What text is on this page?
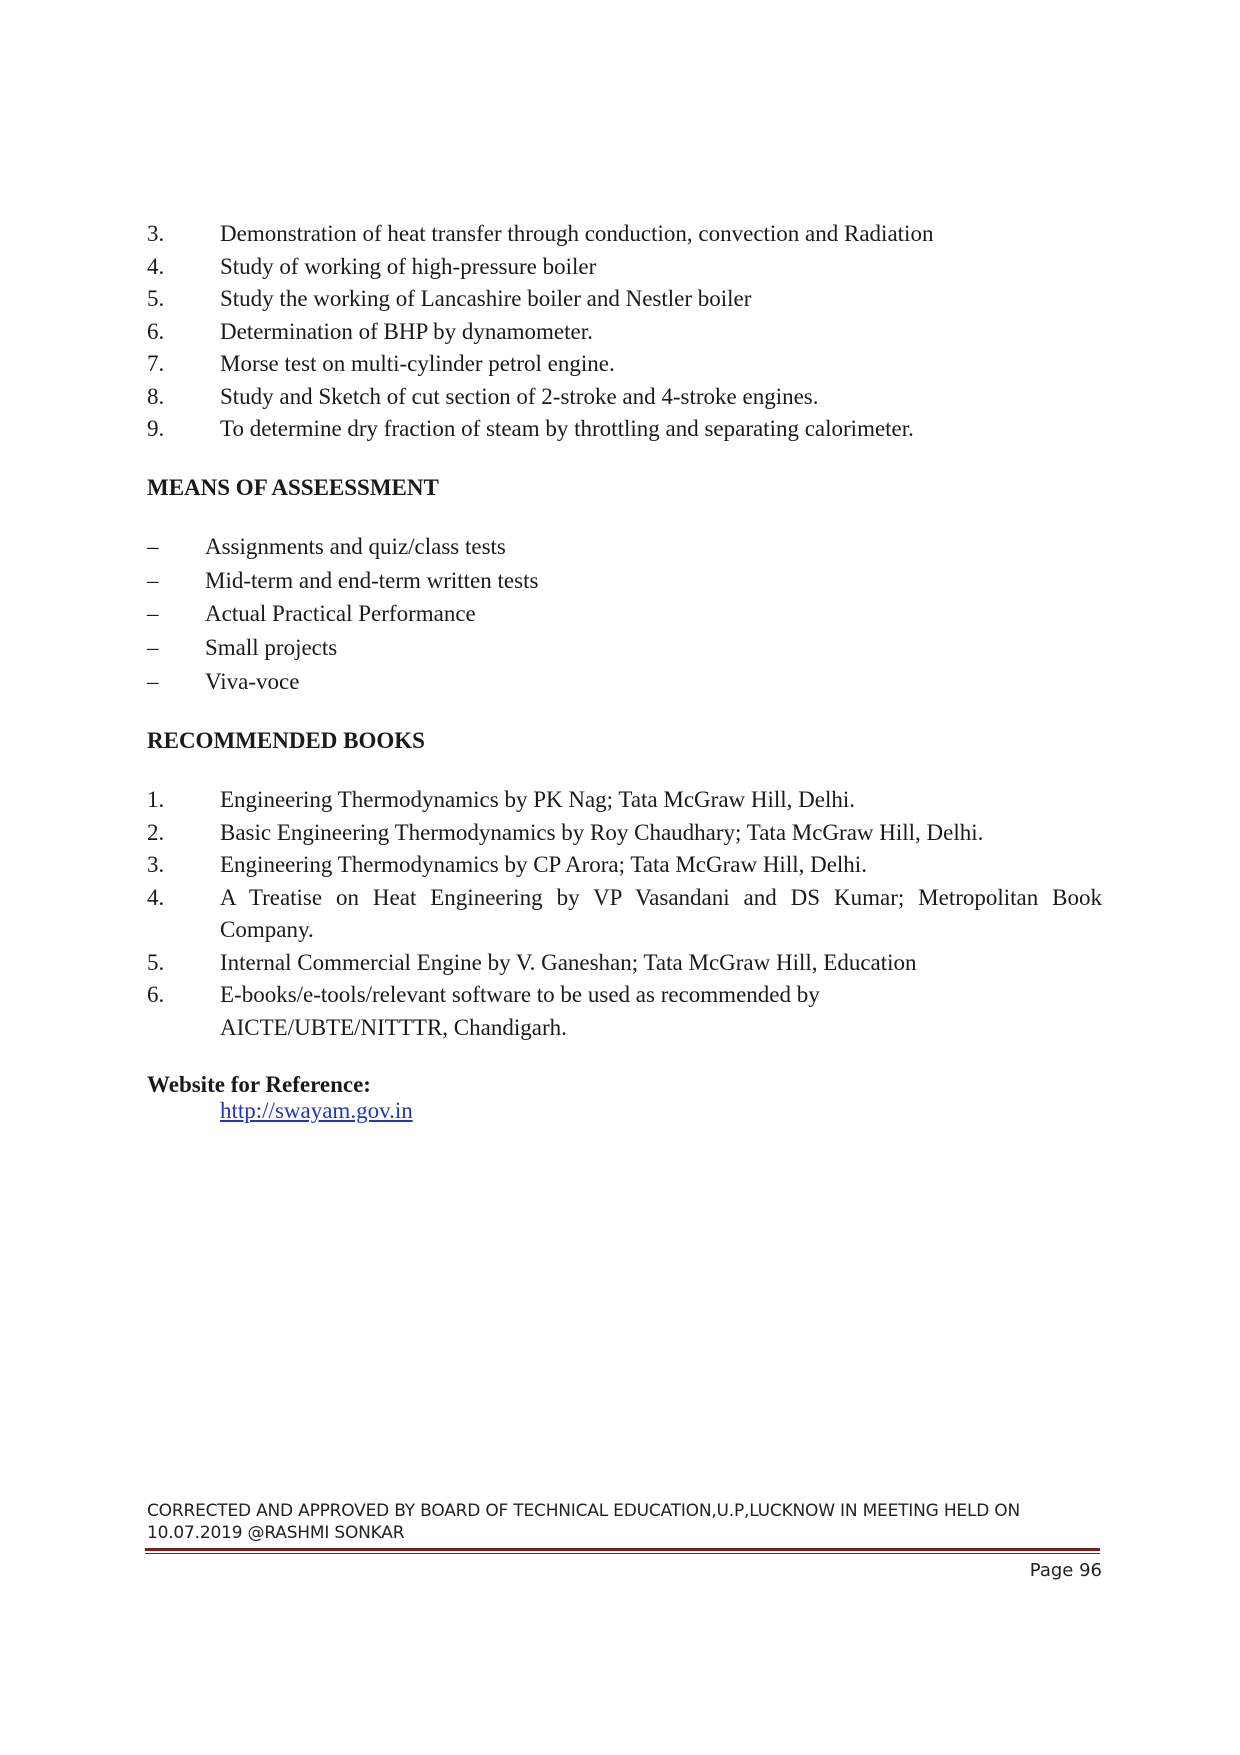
3.	Demonstration of heat transfer through conduction, convection and Radiation
4.	Study of working of high-pressure boiler
5.	Study the working of Lancashire boiler and Nestler boiler
6.	Determination of BHP by dynamometer.
7.	Morse test on multi-cylinder petrol engine.
8.	Study and Sketch of cut section of 2-stroke and 4-stroke engines.
9.	To determine dry fraction of steam by throttling and separating calorimeter.
MEANS OF ASSEESSMENT
–	Assignments and quiz/class tests
–	Mid-term and end-term written tests
–	Actual Practical Performance
–	Small projects
–	Viva-voce
RECOMMENDED BOOKS
1.	Engineering Thermodynamics by PK Nag; Tata McGraw Hill, Delhi.
2.	Basic Engineering Thermodynamics by Roy Chaudhary; Tata McGraw Hill, Delhi.
3.	Engineering Thermodynamics by CP Arora; Tata McGraw Hill, Delhi.
4.	A Treatise on Heat Engineering by VP Vasandani and DS Kumar; Metropolitan Book Company.
5.	Internal Commercial Engine by V. Ganeshan; Tata McGraw Hill, Education
6.	E-books/e-tools/relevant software to be used as recommended by AICTE/UBTE/NITTTR, Chandigarh.
Website for Reference:
http://swayam.gov.in
CORRECTED AND APPROVED BY BOARD OF TECHNICAL EDUCATION,U.P,LUCKNOW IN MEETING HELD ON
10.07.2019 @RASHMI SONKAR
Page 96
